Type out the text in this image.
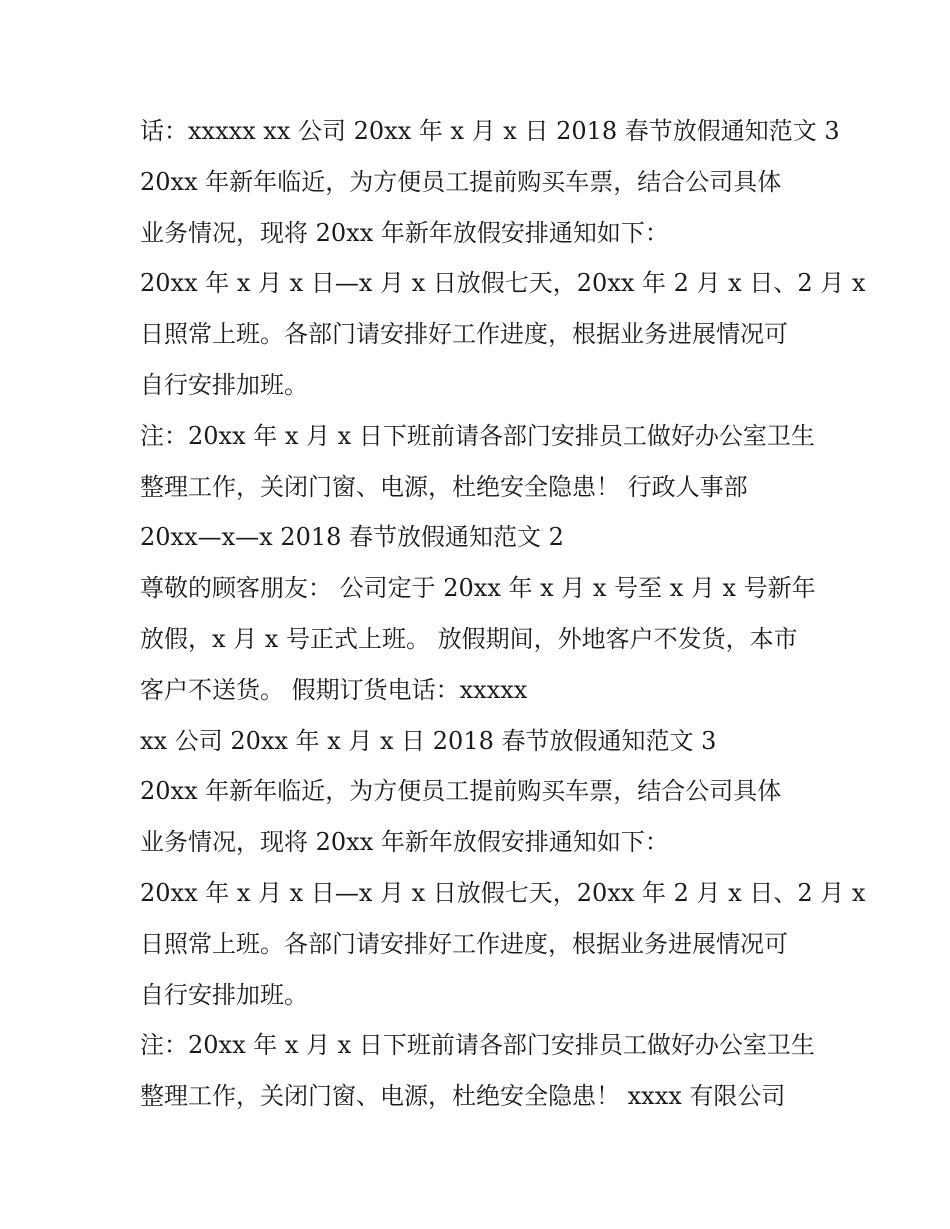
话：xxxxx xx 公司 20xx 年 x 月 x 日 2018 春节放假通知范文 3
20xx 年新年临近，为方便员工提前购买车票，结合公司具体
业务情况，现将 20xx 年新年放假安排通知如下：
20xx 年 x 月 x 日—x 月 x 日放假七天，20xx 年 2 月 x 日、2 月 x
日照常上班。各部门请安排好工作进度，根据业务进展情况可
自行安排加班。
注：20xx 年 x 月 x 日下班前请各部门安排员工做好办公室卫生
整理工作，关闭门窗、电源，杜绝安全隐患！ 行政人事部
20xx—x—x 2018 春节放假通知范文 2
尊敬的顾客朋友： 公司定于 20xx 年 x 月 x 号至 x 月 x 号新年
放假，x 月 x 号正式上班。 放假期间，外地客户不发货，本市
客户不送货。 假期订货电话：xxxxx
xx 公司 20xx 年 x 月 x 日 2018 春节放假通知范文 3
20xx 年新年临近，为方便员工提前购买车票，结合公司具体
业务情况，现将 20xx 年新年放假安排通知如下：
20xx 年 x 月 x 日—x 月 x 日放假七天，20xx 年 2 月 x 日、2 月 x
日照常上班。各部门请安排好工作进度，根据业务进展情况可
自行安排加班。
注：20xx 年 x 月 x 日下班前请各部门安排员工做好办公室卫生
整理工作，关闭门窗、电源，杜绝安全隐患！ xxxx 有限公司
